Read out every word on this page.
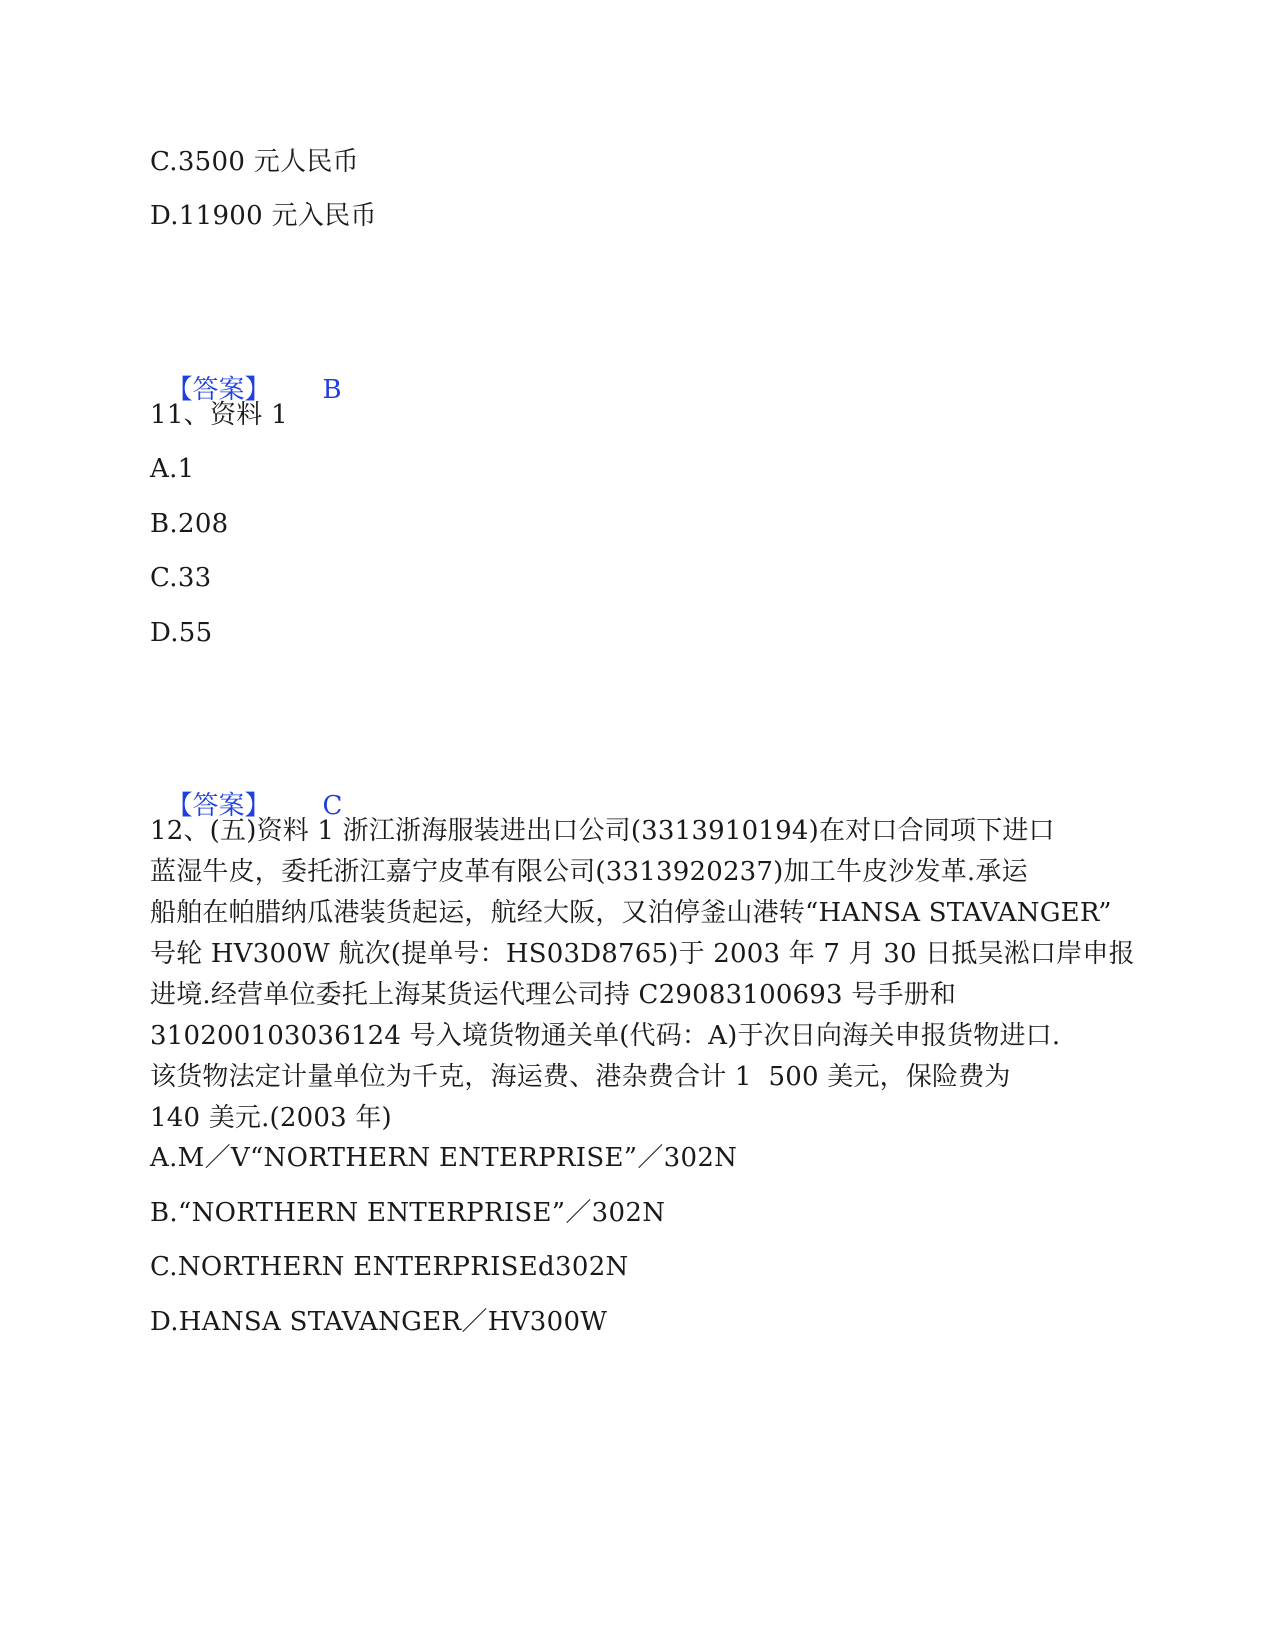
C.3500 元人民币
D.11900 元入民币

【答案】 B

11、资料 1
A.1
B.208
C.33
D.55

【答案】 C

12、(五)资料 1 浙江浙海服装进出口公司(3313910194)在对口合同项下进口
蓝湿牛皮，委托浙江嘉宁皮革有限公司(3313920237)加工牛皮沙发革.承运
船舶在帕腊纳瓜港装货起运，航经大阪，又泊停釜山港转“HANSA STAVANGER”
号轮 HV300W 航次(提单号：HS03D8765)于 2003 年 7 月 30 日抵吴淞口岸申报
进境.经营单位委托上海某货运代理公司持 C29083100693 号手册和
310200103036124 号入境货物通关单(代码：A)于次日向海关申报货物进口.
该货物法定计量单位为千克，海运费、港杂费合计 1  500 美元，保险费为
140 美元.(2003 年)
A.M／V“NORTHERN ENTERPRISE”／302N
B.“NORTHERN ENTERPRISE”／302N
C.NORTHERN ENTERPRISEd302N
D.HANSA STAVANGER／HV300W
